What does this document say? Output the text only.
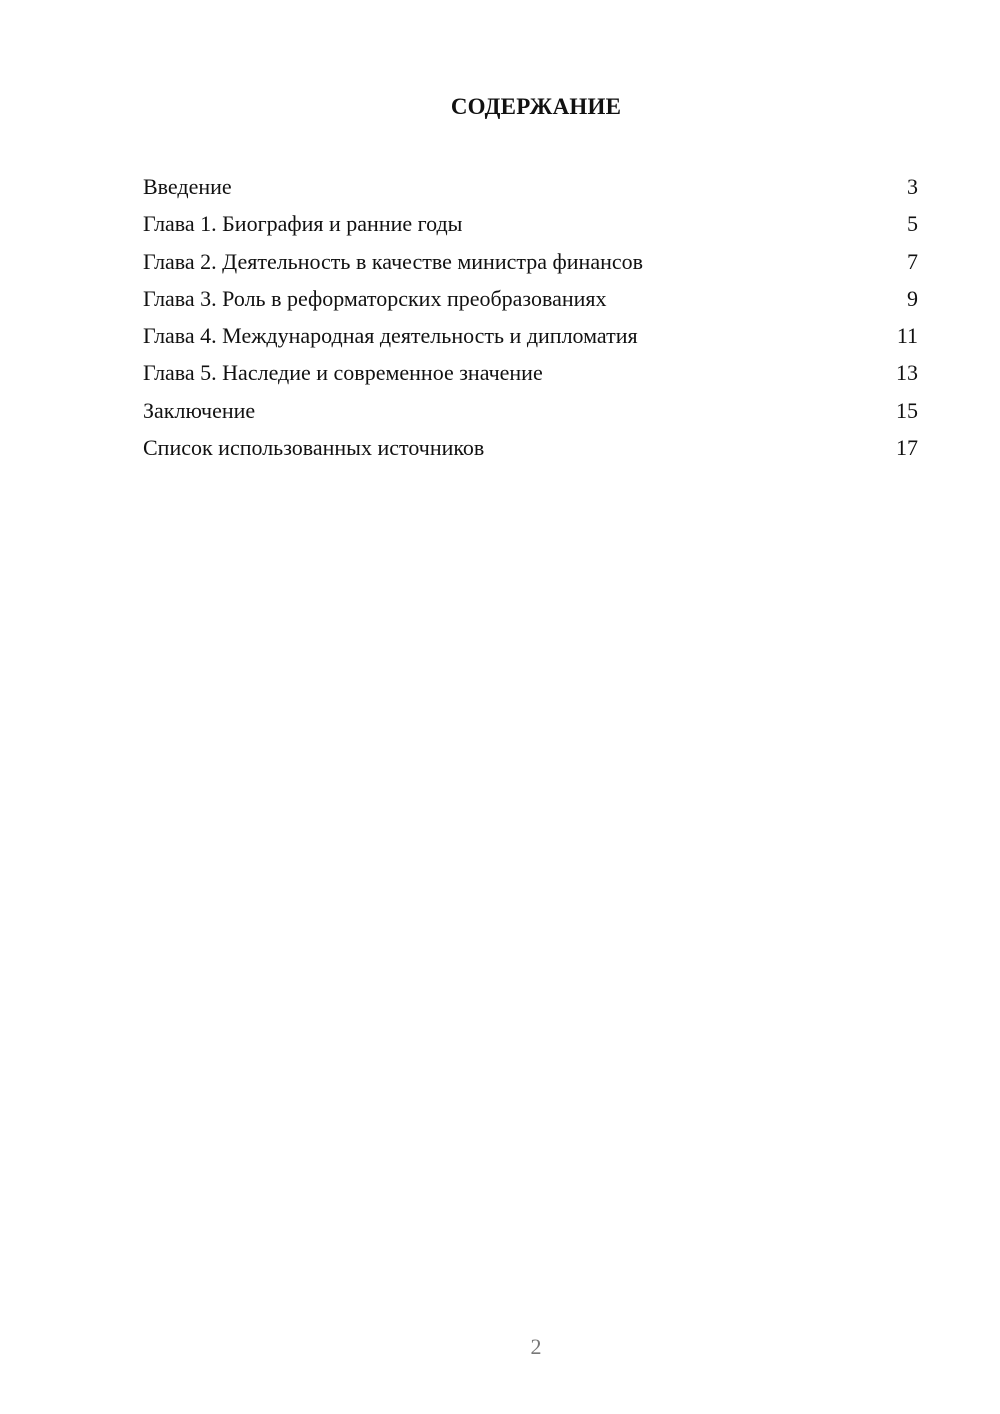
СОДЕРЖАНИЕ
Введение	3
Глава 1. Биография и ранние годы	5
Глава 2. Деятельность в качестве министра финансов	7
Глава 3. Роль в реформаторских преобразованиях	9
Глава 4. Международная деятельность и дипломатия	11
Глава 5. Наследие и современное значение	13
Заключение	15
Список использованных источников	17
2
